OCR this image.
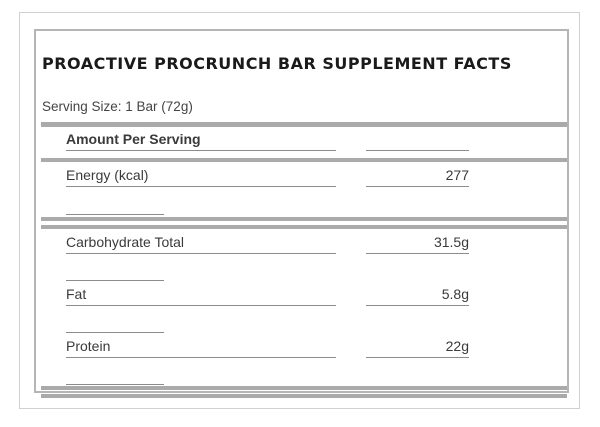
PROACTIVE PROCRUNCH BAR SUPPLEMENT FACTS
Serving Size: 1 Bar (72g)
Amount Per Serving
Energy (kcal)	277
Carbohydrate Total	31.5g
Fat	5.8g
Protein	22g
